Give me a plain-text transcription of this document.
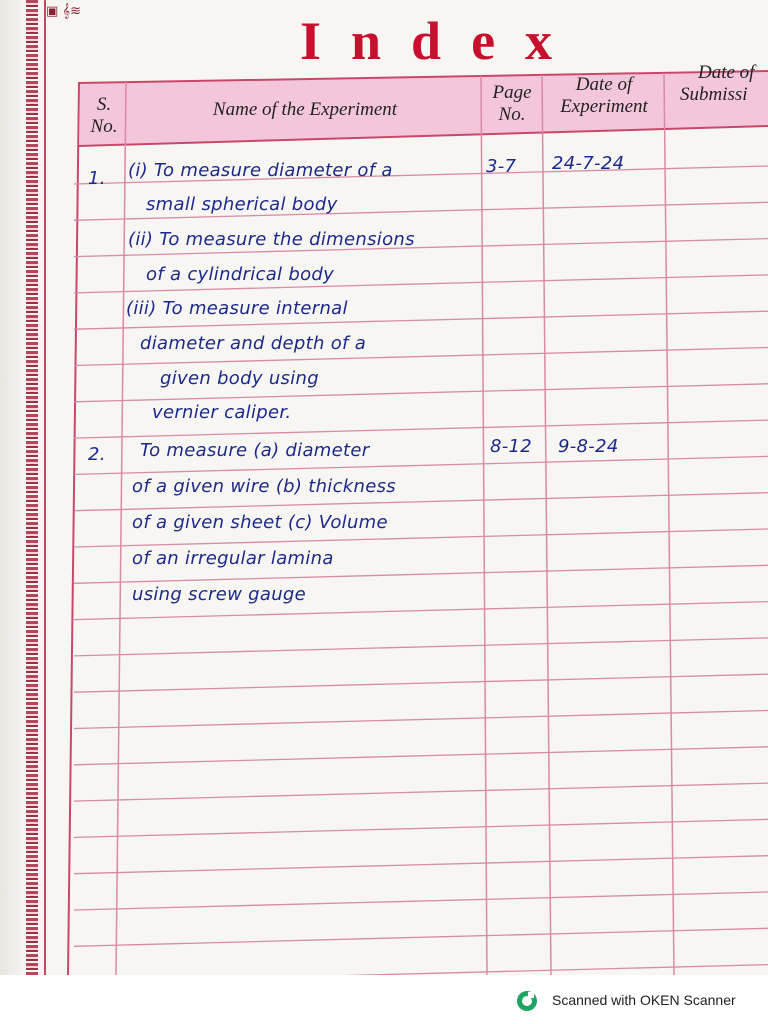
▣ 𝄞≋	Index
S.
No.
Name of the Experiment
Page
No.
Date of
Experiment
Date of
Submissi
1. (i) To measure diameter of a
small spherical body
(ii) To measure the dimensions
of a cylindrical body
(iii) To measure internal
diameter and depth of a
given body using
vernier caliper.
3-7 24-7-24
2. To measure (a) diameter
of a given wire (b) thickness
of a given sheet (c) Volume
of an irregular lamina
using screw gauge
8-12 9-8-24
Scanned with OKEN Scanner
